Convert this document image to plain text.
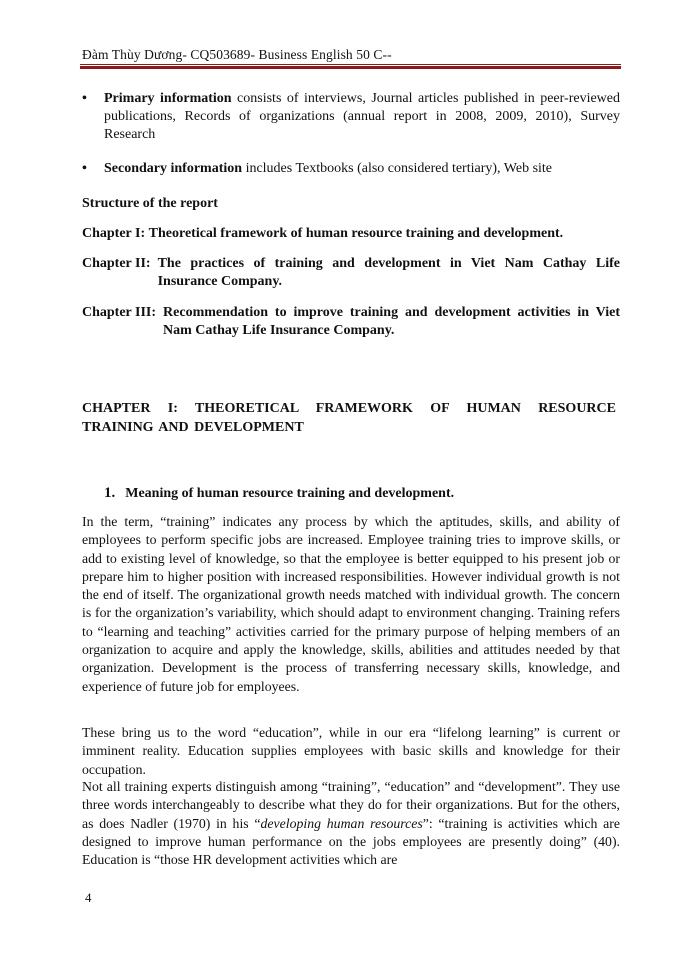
Đàm Thùy Dương- CQ503689- Business English 50 C--
• Primary information consists of interviews, Journal articles published in peer-reviewed publications, Records of organizations (annual report in 2008, 2009, 2010), Survey Research
• Secondary information includes Textbooks (also considered tertiary), Web site
Structure of the report
Chapter I: Theoretical framework of human resource training and development.
Chapter II: The practices of training and development in Viet Nam Cathay Life Insurance Company.
Chapter III: Recommendation to improve training and development activities in Viet Nam Cathay Life Insurance Company.
CHAPTER I: THEORETICAL FRAMEWORK OF HUMAN RESOURCE TRAINING AND DEVELOPMENT
1. Meaning of human resource training and development.

In the term, “training” indicates any process by which the aptitudes, skills, and ability of employees to perform specific jobs are increased. Employee training tries to improve skills, or add to existing level of knowledge, so that the employee is better equipped to his present job or prepare him to higher position with increased responsibilities. However individual growth is not the end of itself. The organizational growth needs matched with individual growth. The concern is for the organization’s variability, which should adapt to environment changing. Training refers to “learning and teaching” activities carried for the primary purpose of helping members of an organization to acquire and apply the knowledge, skills, abilities and attitudes needed by that organization. Development is the process of transferring necessary skills, knowledge, and experience of future job for employees.

These bring us to the word “education”, while in our era “lifelong learning” is current or imminent reality. Education supplies employees with basic skills and knowledge for their occupation.

Not all training experts distinguish among “training”, “education” and “development”. They use three words interchangeably to describe what they do for their organizations. But for the others, as does Nadler (1970) in his “developing human resources”: “training is activities which are designed to improve human performance on the jobs employees are presently doing” (40). Education is “those HR development activities which are

4
